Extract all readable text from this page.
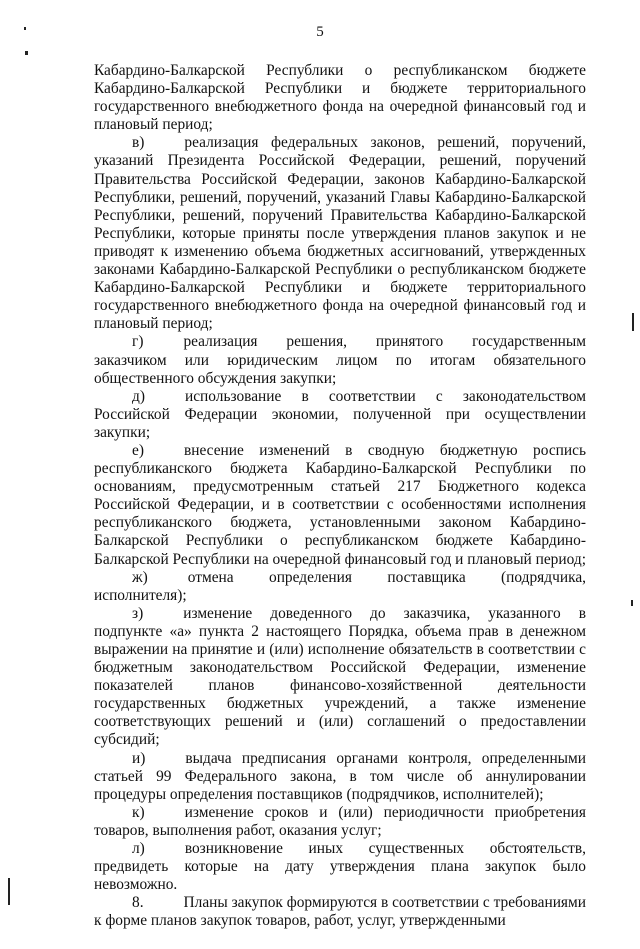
5

Кабардино-Балкарской Республики о республиканском бюджете Кабардино-Балкарской Республики и бюджете территориального государственного внебюджетного фонда на очередной финансовый год и плановый период;

в)	реализация федеральных законов, решений, поручений, указаний Президента Российской Федерации, решений, поручений Правительства Российской Федерации, законов Кабардино-Балкарской Республики, решений, поручений, указаний Главы Кабардино-Балкарской Республики, решений, поручений Правительства Кабардино-Балкарской Республики, которые приняты после утверждения планов закупок и не приводят к изменению объема бюджетных ассигнований, утвержденных законами Кабардино-Балкарской Республики о республиканском бюджете Кабардино-Балкарской Республики и бюджете территориального государственного внебюджетного фонда на очередной финансовый год и плановый период;

г)	реализация решения, принятого государственным заказчиком или юридическим лицом по итогам обязательного общественного обсуждения закупки;

д)	использование в соответствии с законодательством Российской Федерации экономии, полученной при осуществлении закупки;

е)	внесение изменений в сводную бюджетную роспись республиканского бюджета Кабардино-Балкарской Республики по основаниям, предусмотренным статьей 217 Бюджетного кодекса Российской Федерации, и в соответствии с особенностями исполнения республиканского бюджета, установленными законом Кабардино-Балкарской Республики о республиканском бюджете Кабардино-Балкарской Республики на очередной финансовый год и плановый период;

ж)	отмена определения поставщика (подрядчика, исполнителя);

з)	изменение доведенного до заказчика, указанного в подпункте «а» пункта 2 настоящего Порядка, объема прав в денежном выражении на принятие и (или) исполнение обязательств в соответствии с бюджетным законодательством Российской Федерации, изменение показателей планов финансово-хозяйственной деятельности государственных бюджетных учреждений, а также изменение соответствующих решений и (или) соглашений о предоставлении субсидий;

и)	выдача предписания органами контроля, определенными статьей 99 Федерального закона, в том числе об аннулировании процедуры определения поставщиков (подрядчиков, исполнителей);

к)	изменение сроков и (или) периодичности приобретения товаров, выполнения работ, оказания услуг;

л)	возникновение иных существенных обстоятельств, предвидеть которые на дату утверждения плана закупок было невозможно.

8.	Планы закупок формируются в соответствии с требованиями к форме планов закупок товаров, работ, услуг, утвержденными
